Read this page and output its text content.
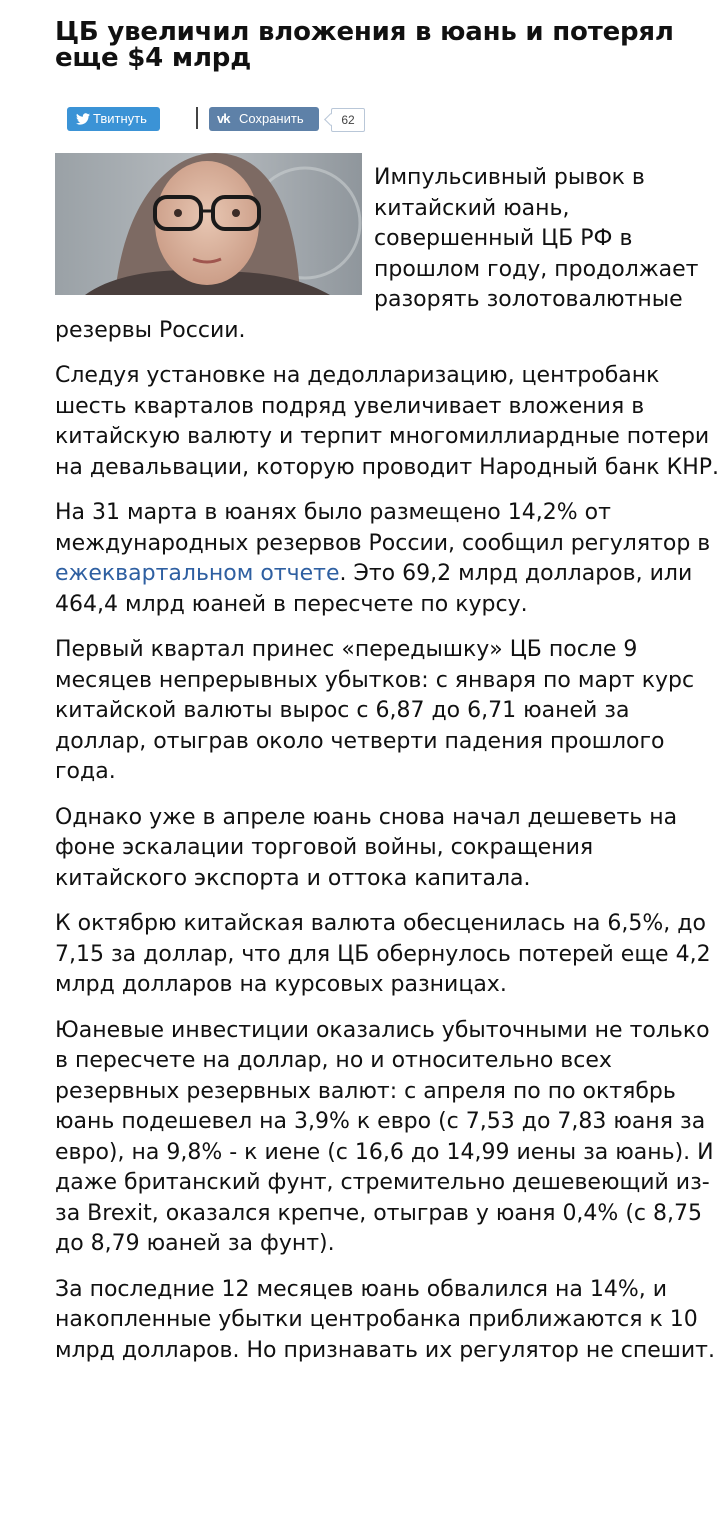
ЦБ увеличил вложения в юань и потерял еще $4 млрд
Твитнуть	vk Сохранить	62

Импульсивный рывок в китайский юань, совершенный ЦБ РФ в прошлом году, продолжает разорять золотовалютные резервы России.

Следуя установке на дедолларизацию, центробанк шесть кварталов подряд увеличивает вложения в китайскую валюту и терпит многомиллиардные потери на девальвации, которую проводит Народный банк КНР.

На 31 марта в юанях было размещено 14,2% от международных резервов России, сообщил регулятор в ежеквартальном отчете. Это 69,2 млрд долларов, или 464,4 млрд юаней в пересчете по курсу.

Первый квартал принес «передышку» ЦБ после 9 месяцев непрерывных убытков: с января по март курс китайской валюты вырос с 6,87 до 6,71 юаней за доллар, отыграв около четверти падения прошлого года.

Однако уже в апреле юань снова начал дешеветь на фоне эскалации торговой войны, сокращения китайского экспорта и оттока капитала.

К октябрю китайская валюта обесценилась на 6,5%, до 7,15 за доллар, что для ЦБ обернулось потерей еще 4,2 млрд долларов на курсовых разницах.

Юаневые инвестиции оказались убыточными не только в пересчете на доллар, но и относительно всех резервных резервных валют: с апреля по по октябрь юань подешевел на 3,9% к евро (с 7,53 до 7,83 юаня за евро), на 9,8% - к иене (с 16,6 до 14,99 иены за юань). И даже британский фунт, стремительно дешевеющий из-за Brexit, оказался крепче, отыграв у юаня 0,4% (с 8,75 до 8,79 юаней за фунт).

За последние 12 месяцев юань обвалился на 14%, и накопленные убытки центробанка приближаются к 10 млрд долларов. Но признавать их регулятор не спешит.
